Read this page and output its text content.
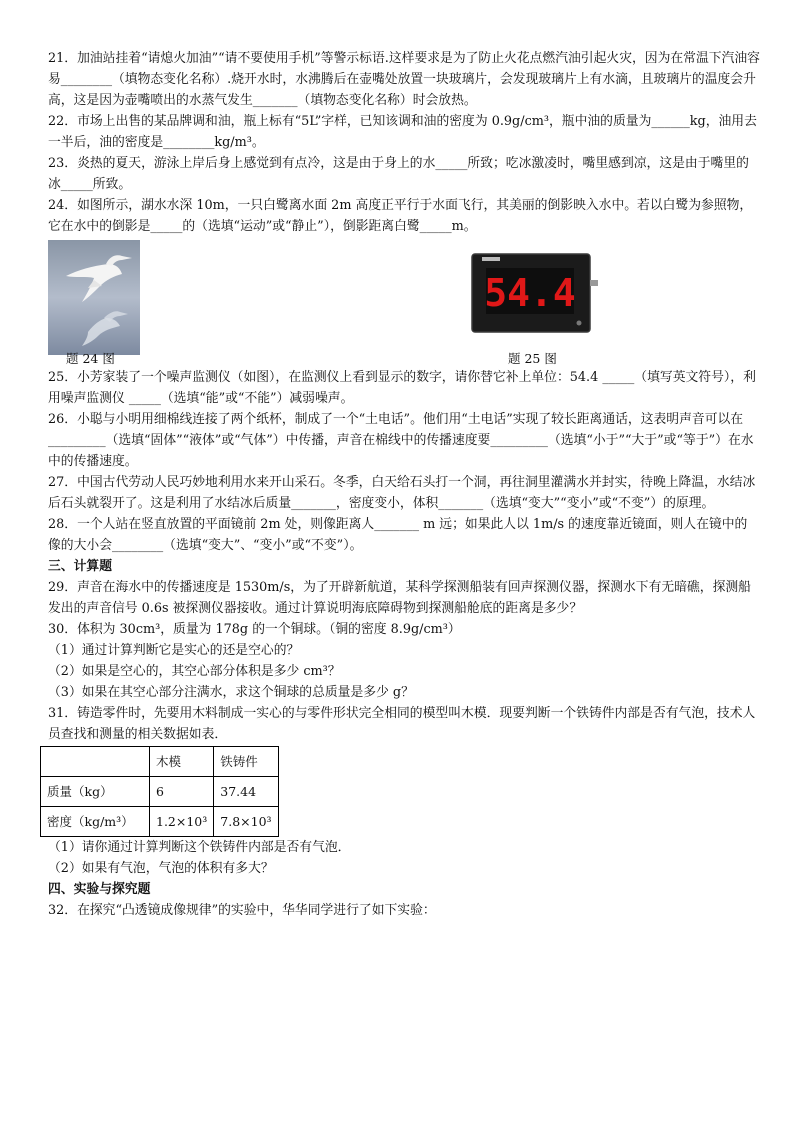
21．加油站挂着“请熄火加油”“请不要使用手机”等警示标语.这样要求是为了防止火花点燃汽油引起火灾，因为在常温下汽油容易________（填物态变化名称）.烧开水时，水沸腾后在壶嘴处放置一块玻璃片，会发现玻璃片上有水滴，且玻璃片的温度会升高，这是因为壶嘴喷出的水蒸气发生_______（填物态变化名称）时会放热。

22．市场上出售的某品牌调和油，瓶上标有“5L”字样，已知该调和油的密度为 0.9g/cm³，瓶中油的质量为______kg，油用去一半后，油的密度是________kg/m³。

23．炎热的夏天，游泳上岸后身上感觉到有点冷，这是由于身上的水_____所致；吃冰激凌时，嘴里感到凉，这是由于嘴里的冰_____所致。

24．如图所示，湖水水深 10m，一只白鹭离水面 2m 高度正平行于水面飞行，其美丽的倒影映入水中。若以白鹭为参照物，它在水中的倒影是_____的（选填“运动”或“静止”），倒影距离白鹭_____m。

54.4
题 24 图	题 25 图

25．小芳家装了一个噪声监测仪（如图），在监测仪上看到显示的数字，请你替它补上单位：54.4 _____（填写英文符号），利用噪声监测仪 _____（选填“能”或“不能”）减弱噪声。

26．小聪与小明用细棉线连接了两个纸杯，制成了一个“土电话”。他们用“土电话”实现了较长距离通话，这表明声音可以在_________（选填“固体”“液体”或“气体”）中传播，声音在棉线中的传播速度要_________（选填“小于”“大于”或“等于”）在水中的传播速度。

27．中国古代劳动人民巧妙地利用水来开山采石。冬季，白天给石头打一个洞，再往洞里灌满水并封实，待晚上降温，水结冰后石头就裂开了。这是利用了水结冰后质量_______，密度变小，体积_______（选填“变大”“变小”或“不变”）的原理。

28．一个人站在竖直放置的平面镜前 2m 处，则像距离人_______ m 远；如果此人以 1m/s 的速度靠近镜面，则人在镜中的像的大小会________（选填“变大”、“变小”或“不变”）。

三、计算题

29．声音在海水中的传播速度是 1530m/s，为了开辟新航道，某科学探测船装有回声探测仪器，探测水下有无暗礁，探测船发出的声音信号 0.6s 被探测仪器接收。通过计算说明海底障碍物到探测船舱底的距离是多少？

30．体积为 30cm³，质量为 178g 的一个铜球。（铜的密度 8.9g/cm³）

（1）通过计算判断它是实心的还是空心的？

（2）如果是空心的，其空心部分体积是多少 cm³？

（3）如果在其空心部分注满水，求这个铜球的总质量是多少 g？

31．铸造零件时，先要用木料制成一实心的与零件形状完全相同的模型叫木模．现要判断一个铁铸件内部是否有气泡，技术人员查找和测量的相关数据如表．

	木模	铁铸件
质量（kg）	6	37.44
密度（kg/m³）	1.2×10³	7.8×10³

（1）请你通过计算判断这个铁铸件内部是否有气泡．

（2）如果有气泡，气泡的体积有多大？

四、实验与探究题

32．在探究“凸透镜成像规律”的实验中，华华同学进行了如下实验：
